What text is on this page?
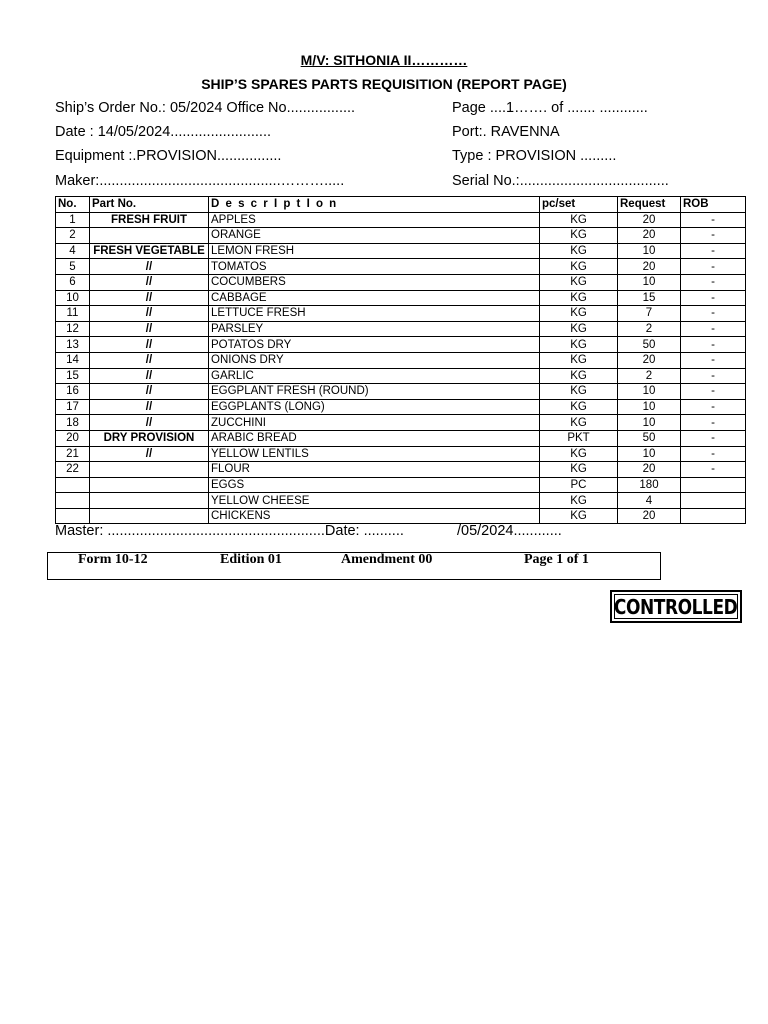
M/V: SITHONIA II…………
SHIP’S SPARES PARTS REQUISITION (REPORT PAGE)
Ship’s Order No.: 05/2024 Office No.................	Page ....1……. of ....... ............
Date : 14/05/2024.........................	Port:. RAVENNA
Equipment :.PROVISION................	Type : PROVISION .........
Maker:.............................................……….....	Serial No.:.....................................
No.	Part No.	D e s c r I p t I o n	pc/set	Request	ROB
1	FRESH FRUIT	APPLES	KG	20	-
2		ORANGE	KG	20	-
4	FRESH VEGETABLE	LEMON FRESH	KG	10	-
5	//	TOMATOS	KG	20	-
6	//	COCUMBERS	KG	10	-
10	//	CABBAGE	KG	15	-
11	//	LETTUCE FRESH	KG	7	-
12	//	PARSLEY	KG	2	-
13	//	POTATOS DRY	KG	50	-
14	//	ONIONS DRY	KG	20	-
15	//	GARLIC	KG	2	-
16	//	EGGPLANT FRESH (ROUND)	KG	10	-
17	//	EGGPLANTS (LONG)	KG	10	-
18	//	ZUCCHINI	KG	10	-
20	DRY PROVISION	ARABIC BREAD	PKT	50	-
21	//	YELLOW LENTILS	KG	10	-
22		FLOUR	KG	20	-
		EGGS	PC	180	
		YELLOW CHEESE	KG	4	
		CHICKENS	KG	20	
Master: ......................................................Date: ..........	/05/2024............
Form 10-12	Edition 01	Amendment 00	Page 1 of 1
CONTROLLED
